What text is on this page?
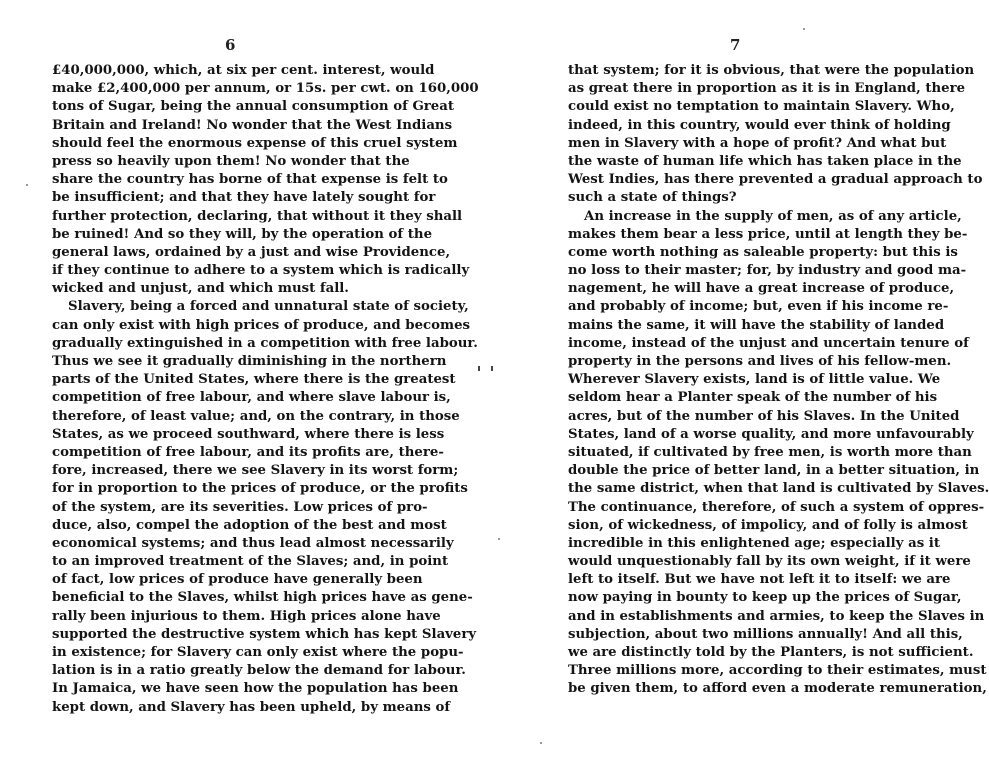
6
£40,000,000, which, at six per cent. interest, would
make £2,400,000 per annum, or 15s. per cwt. on 160,000
tons of Sugar, being the annual consumption of Great
Britain and Ireland! No wonder that the West Indians
should feel the enormous expense of this cruel system
press so heavily upon them! No wonder that the
share the country has borne of that expense is felt to
be insufficient; and that they have lately sought for
further protection, declaring, that without it they shall
be ruined! And so they will, by the operation of the
general laws, ordained by a just and wise Providence,
if they continue to adhere to a system which is radically
wicked and unjust, and which must fall.
Slavery, being a forced and unnatural state of society,
can only exist with high prices of produce, and becomes
gradually extinguished in a competition with free labour.
Thus we see it gradually diminishing in the northern
parts of the United States, where there is the greatest
competition of free labour, and where slave labour is,
therefore, of least value; and, on the contrary, in those
States, as we proceed southward, where there is less
competition of free labour, and its profits are, there-
fore, increased, there we see Slavery in its worst form;
for in proportion to the prices of produce, or the profits
of the system, are its severities. Low prices of pro-
duce, also, compel the adoption of the best and most
economical systems; and thus lead almost necessarily
to an improved treatment of the Slaves; and, in point
of fact, low prices of produce have generally been
beneficial to the Slaves, whilst high prices have as gene-
rally been injurious to them. High prices alone have
supported the destructive system which has kept Slavery
in existence; for Slavery can only exist where the popu-
lation is in a ratio greatly below the demand for labour.
In Jamaica, we have seen how the population has been
kept down, and Slavery has been upheld, by means of
7
that system; for it is obvious, that were the population
as great there in proportion as it is in England, there
could exist no temptation to maintain Slavery. Who,
indeed, in this country, would ever think of holding
men in Slavery with a hope of profit? And what but
the waste of human life which has taken place in the
West Indies, has there prevented a gradual approach to
such a state of things?
An increase in the supply of men, as of any article,
makes them bear a less price, until at length they be-
come worth nothing as saleable property: but this is
no loss to their master; for, by industry and good ma-
nagement, he will have a great increase of produce,
and probably of income; but, even if his income re-
mains the same, it will have the stability of landed
income, instead of the unjust and uncertain tenure of
property in the persons and lives of his fellow-men.
Wherever Slavery exists, land is of little value. We
seldom hear a Planter speak of the number of his
acres, but of the number of his Slaves. In the United
States, land of a worse quality, and more unfavourably
situated, if cultivated by free men, is worth more than
double the price of better land, in a better situation, in
the same district, when that land is cultivated by Slaves.
The continuance, therefore, of such a system of oppres-
sion, of wickedness, of impolicy, and of folly is almost
incredible in this enlightened age; especially as it
would unquestionably fall by its own weight, if it were
left to itself. But we have not left it to itself: we are
now paying in bounty to keep up the prices of Sugar,
and in establishments and armies, to keep the Slaves in
subjection, about two millions annually! And all this,
we are distinctly told by the Planters, is not sufficient.
Three millions more, according to their estimates, must
be given them, to afford even a moderate remuneration,
